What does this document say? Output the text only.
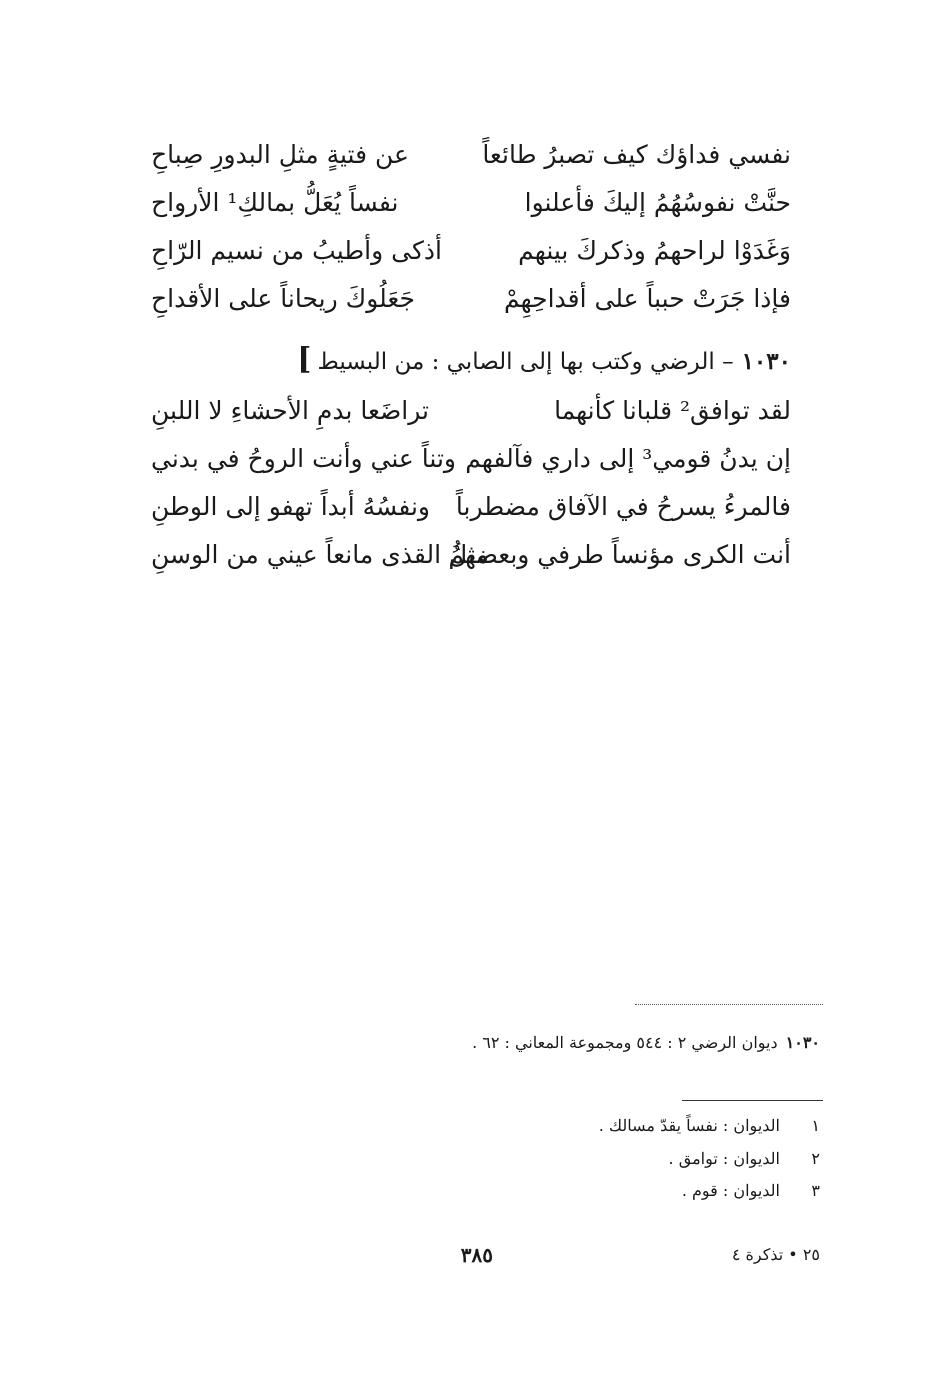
نفسي فداؤك كيف تصبرُ طائعاً
عن فتيةٍ مثلِ البدورِ صِباحِ
حنَّتْ نفوسُهُمُ إليكَ فأعلنوا
نفساً يُعَلُّ بمالكِ¹ الأرواح
وَغَدَوْا لراحهمُ وذكركَ بينهم
أذكى وأطيبُ من نسيم الرّاحِ
فإذا جَرَتْ حبباً على أقداحِهِمْ
جَعَلُوكَ ريحاناً على الأقداحِ
١٠٣٠– الرضي وكتب بها إلى الصابي : من البسيط]
لقد توافق² قلبانا كأنهما
تراضَعا بدمِ الأحشاءِ لا اللبنِ
إن يدنُ قومي³ إلى داري فآلفهم
وتناً عني وأنت الروحُ في بدني
فالمرءُ يسرحُ في الآفاق مضطرباً
ونفسُهُ أبداً تهفو إلى الوطنِ
أنت الكرى مؤنساً طرفي وبعضهمُ
مثلُ القذى مانعاً عيني من الوسنِ
١٠٣٠ديوان الرضي ٢ : ٥٤٤ ومجموعة المعاني : ٦٢ .
١الديوان : نفساً يقدّ مسالك .
٢الديوان : توامق .
٣الديوان : قوم .
٣٨٥	٢٥ • تذكرة ٤
